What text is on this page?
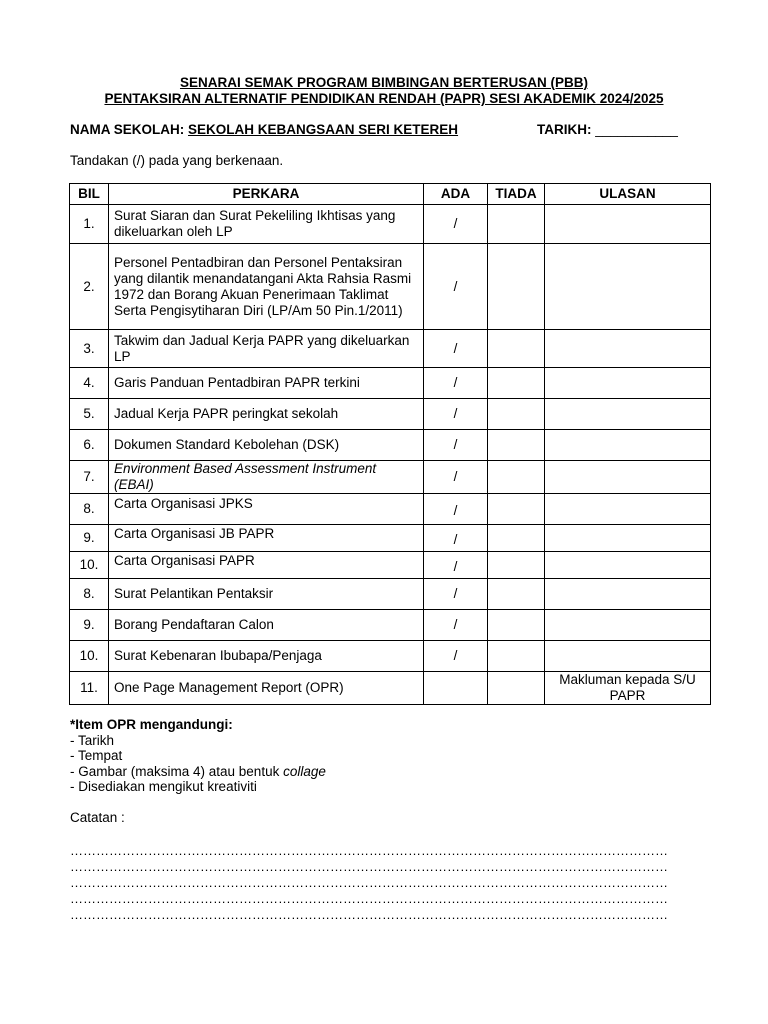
SENARAI SEMAK PROGRAM BIMBINGAN BERTERUSAN (PBB)
PENTAKSIRAN ALTERNATIF PENDIDIKAN RENDAH (PAPR) SESI AKADEMIK 2024/2025
NAMA SEKOLAH: SEKOLAH KEBANGSAAN SERI KETEREH	TARIKH: ___________
Tandakan (/) pada yang berkenaan.
BIL	PERKARA	ADA	TIADA	ULASAN
1.	Surat Siaran dan Surat Pekeliling Ikhtisas yang dikeluarkan oleh LP	/		
2.	Personel Pentadbiran dan Personel Pentaksiran yang dilantik menandatangani Akta Rahsia Rasmi 1972 dan Borang Akuan Penerimaan Taklimat Serta Pengisytiharan Diri (LP/Am 50 Pin.1/2011)	/		
3.	Takwim dan Jadual Kerja PAPR yang dikeluarkan LP	/		
4.	Garis Panduan Pentadbiran PAPR terkini	/		
5.	Jadual Kerja PAPR peringkat sekolah	/		
6.	Dokumen Standard Kebolehan (DSK)	/		
7.	Environment Based Assessment Instrument (EBAI)	/		
8.	Carta Organisasi JPKS	/		
9.	Carta Organisasi JB PAPR	/		
10.	Carta Organisasi PAPR	/		
8.	Surat Pelantikan Pentaksir	/		
9.	Borang Pendaftaran Calon	/		
10.	Surat Kebenaran Ibubapa/Penjaga	/		
11.	One Page Management Report (OPR)			Makluman kepada S/U PAPR
*Item OPR mengandungi:
- Tarikh
- Tempat
- Gambar (maksima 4) atau bentuk collage
- Disediakan mengikut kreativiti
Catatan :
…………………………………………………………………………………………………………………………
…………………………………………………………………………………………………………………………
…………………………………………………………………………………………………………………………
…………………………………………………………………………………………………………………………
…………………………………………………………………………………………………………………………
